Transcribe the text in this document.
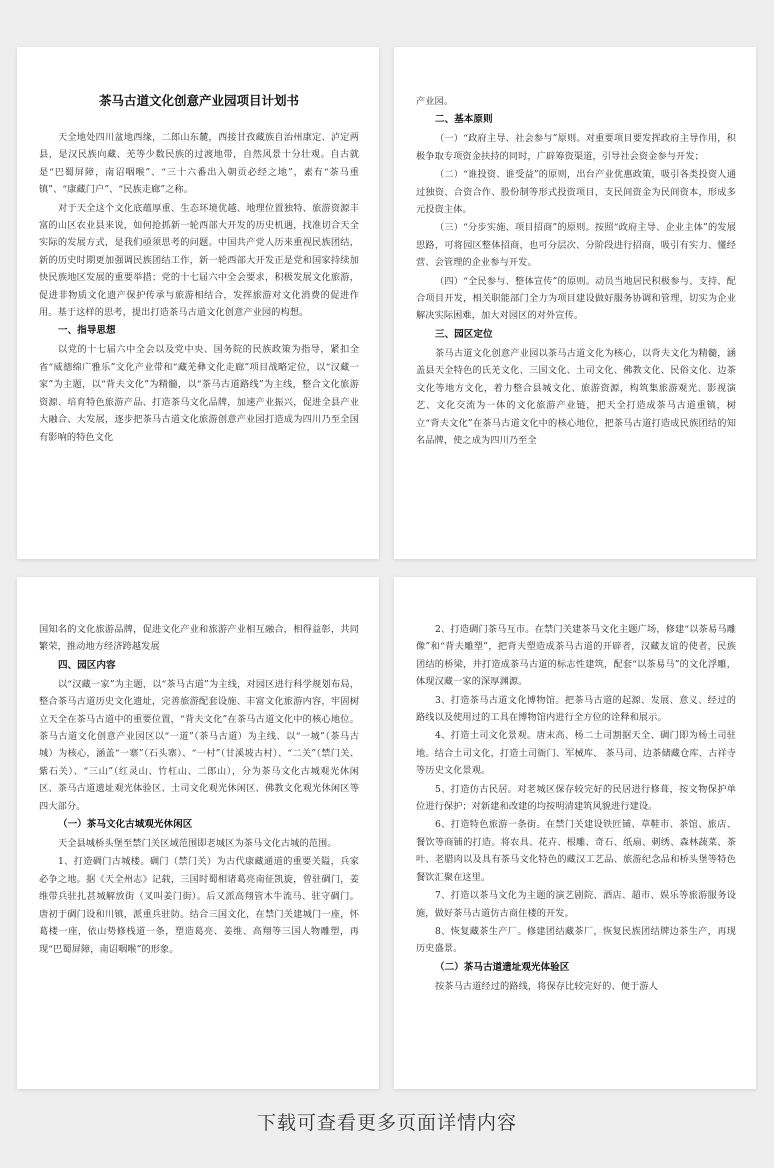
茶马古道文化创意产业园项目计划书

天全地处四川盆地西缘，二郎山东麓，西接甘孜藏族自治州康定、泸定两县，是汉民族向藏、羌等少数民族的过渡地带，自然风景十分壮观。自古就是“巴蜀屏障，南诏咽喉”、“三十六番出入朝贡必经之地”，素有“茶马重镇”、“康藏门户”、“民族走廊”之称。

对于天全这个文化底蕴厚重、生态环境优越、地理位置独特、旅游资源丰富的山区农业县来说，如何抢抓新一轮西部大开发的历史机遇，找准切合天全实际的发展方式，是我们亟须思考的问题。中国共产党人历来重视民族团结，新的历史时期更加强调民族团结工作，新一轮西部大开发正是党和国家持续加快民族地区发展的重要举措；党的十七届六中全会要求，积极发展文化旅游，促进非物质文化遗产保护传承与旅游相结合，发挥旅游对文化消费的促进作用。基于这样的思考，提出打造茶马古道文化创意产业园的构想。

一、指导思想

以党的十七届六中全会以及党中央、国务院的民族政策为指导，紧扣全省“威德绵广雅乐”文化产业带和“藏羌彝文化走廊”项目战略定位，以“汉藏一家”为主题，以“背夫文化”为精髓，以“茶马古道路线”为主线，整合文化旅游资源、培育特色旅游产品、打造茶马文化品牌，加速产业振兴，促进全县产业大融合、大发展，逐步把茶马古道文化旅游创意产业园打造成为四川乃至全国有影响的特色文化

产业园。

二、基本原则

（一）“政府主导、社会参与”原则。对重要项目要发挥政府主导作用，积极争取专项资金扶持的同时，广辟筹资渠道，引导社会资金参与开发；

（二）“谁投资、谁受益”的原则，出台产业优惠政策，吸引各类投资人通过独资、合资合作、股份制等形式投资项目，支民间资金为民间资本，形成多元投资主体。

（三）“分步实施、项目招商”的原则。按照“政府主导、企业主体”的发展思路，可将园区整体招商，也可分层次、分阶段进行招商，吸引有实力、懂经营、会管理的企业参与开发。

（四）“全民参与、整体宣传”的原则。动员当地居民积极参与、支持、配合项目开发，相关职能部门全力为项目建设做好服务协调和管理，切实为企业解决实际困难，加大对园区的对外宣传。

三、园区定位

茶马古道文化创意产业园以茶马古道文化为核心，以背夫文化为精髓，涵盖县天全特色的氏羌文化、三国文化、土司文化、佛教文化、民俗文化、边茶文化等地方文化，着力整合县城文化、旅游资源，构筑集旅游观光、影视演艺、文化交流为一体的文化旅游产业链，把天全打造成茶马古道重镇，树立“背夫文化”在茶马古道文化中的核心地位，把茶马古道打造成民族团结的知名品牌，使之成为四川乃至全

国知名的文化旅游品牌，促进文化产业和旅游产业相互融合，相得益彰，共同繁荣，推动地方经济跨越发展

四、园区内容

以“汉藏一家”为主题，以“茶马古道”为主线，对园区进行科学规划布局，整合茶马古道历史文化遗址，完善旅游配套设施、丰富文化旅游内容，牢固树立天全在茶马古道中的重要位置，“背夫文化”在茶马古道文化中的核心地位。茶马古道文化创意产业园区以“一道”（茶马古道）为主线、以“一城”（茶马古城）为核心，涵盖“一寨”（石头寨）、“一村”（甘溪坡古村）、“二关”（禁门关、紫石关）、“三山”（红灵山、竹杠山、二郎山），分为茶马文化古城观光休闲区、茶马古道遗址观光体验区、土司文化观光休闲区、佛教文化观光休闲区等四大部分。

（一）茶马文化古城观光休闲区

天全县城桥头堡至禁门关区域范围即老城区为茶马文化古城的范围。

1、打造碉门古城楼。碉门（禁门关）为古代康藏通道的重要关隘，兵家必争之地。据《天全州志》记载，三国时蜀相诸葛亮南征凯旋，曾驻碉门，姜维带兵驻扎甚城解放街（叉叫姜门街）。后又派高翔管木牛流马、驻守碉门。唐初于碉门设和川镇，派重兵驻防。结合三国文化，在禁门关建城门一座，怀葛楼一座，依山势修栈道一条，塑造葛亮、姜维、高翔等三国人物雕塑，再现“巴蜀屏障，南诏咽喉”的形象。

2、打造碉门茶马互市。在禁门关建茶马文化主题广场，修建“以茶易马雕像”和“背夫雕塑”，把背夫塑造成茶马古道的开辟者，汉藏友谊的使者，民族团结的桥梁，并打造成茶马古道的标志性建筑，配套“以茶易马”的文化浮雕，体现汉藏一家的深厚渊源。

3、打造茶马古道文化博物馆。把茶马古道的起源、发展、意义、经过的路线以及使用过的工具在博物馆内进行全方位的诠释和展示。

4、打造土司文化景观。唐末高、杨二土司割据天全、碉门即为杨土司驻地。结合土司文化，打造土司衙门、军械库、 茶马司、边茶储藏仓库、古祥寺等历史文化景观。

5、打造仿古民居。对老城区保存较完好的民居进行修葺，按文物保护单位进行保护；对新建和改建的均按明清建筑风貌进行建设。

6、打造特色旅游一条街。在禁门关建设铁匠铺、草鞋市、茶馆、旅店、餐饮等商铺的打造。将农具、花卉、根雕、奇石、纸扇、刺绣、森林蔬菜、茶叶、老腊肉以及具有茶马文化特色的藏汉工艺品、旅游纪念品和桥头堡等特色餐饮汇聚在这里。

7、打造以茶马文化为主题的演艺剧院、酒店、超市、娱乐等旅游服务设施，做好茶马古道仿古商住楼的开发。

8、恢复藏茶生产厂。修建团结藏茶厂，恢复民族团结牌边茶生产，再现历史盛景。

（二）茶马古道遗址观光体验区

按茶马古道经过的路线，将保存比较完好的、便于游人

下载可查看更多页面详情内容
